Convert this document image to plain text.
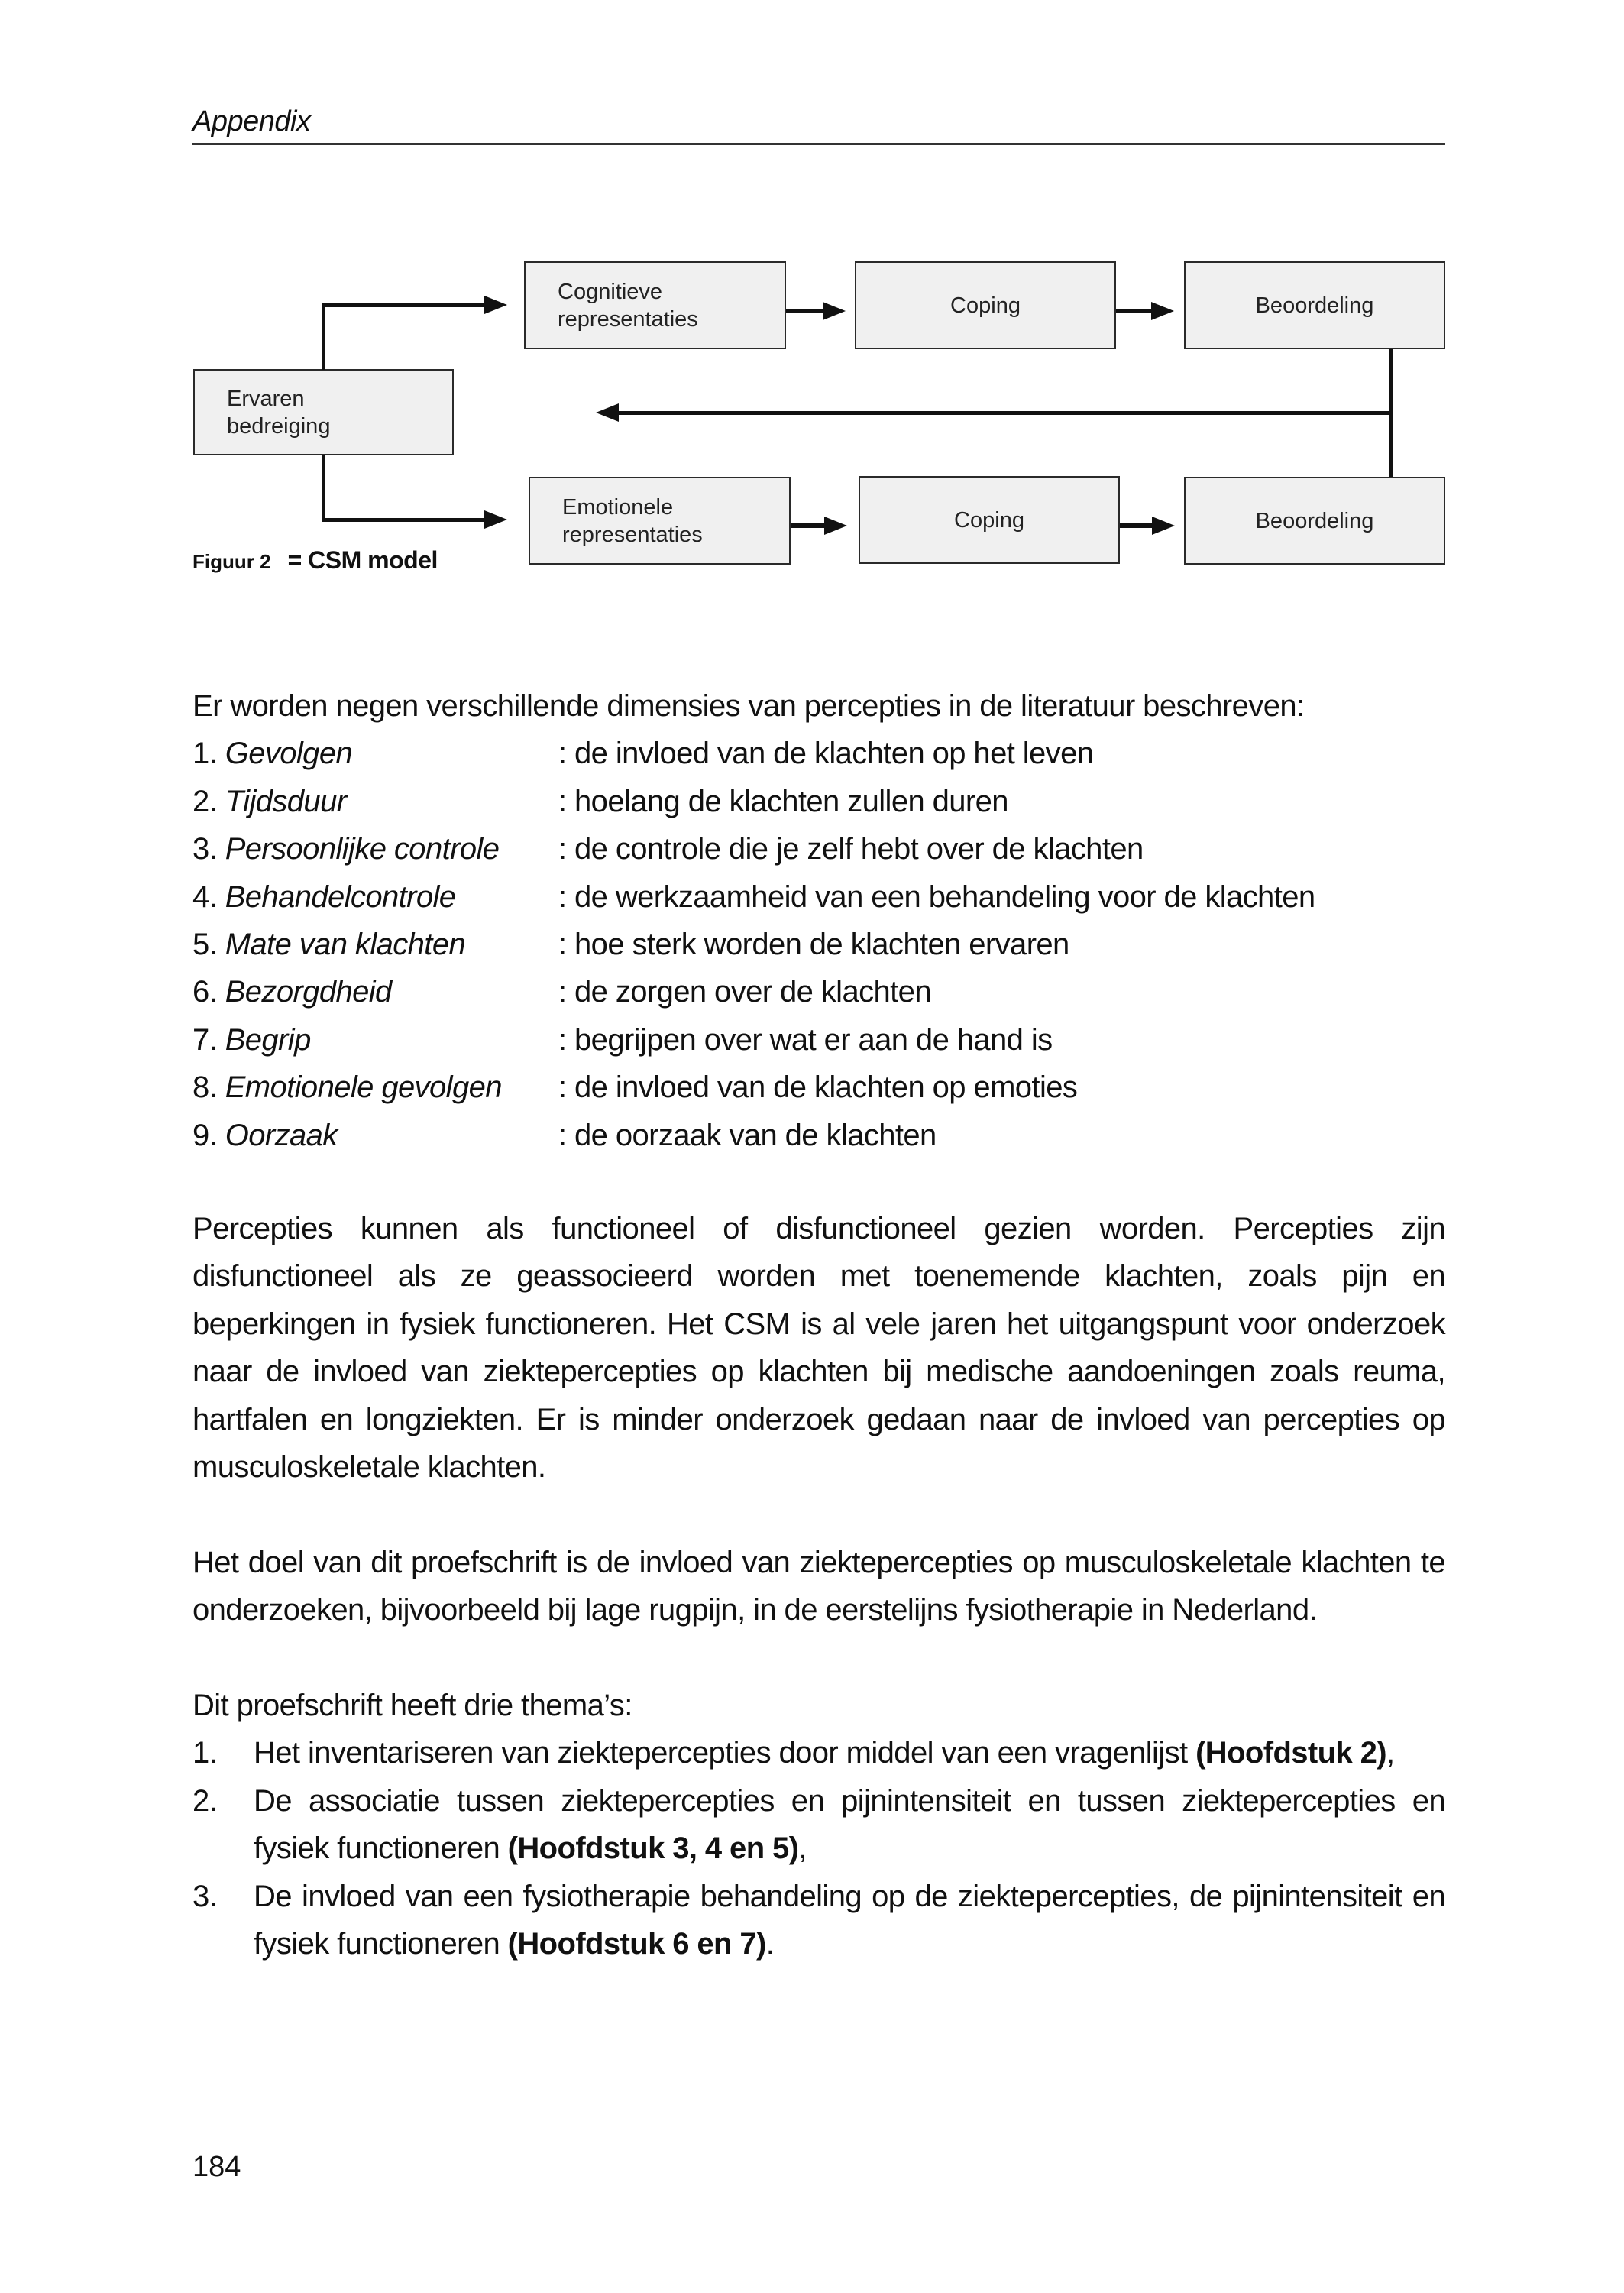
Appendix
Ervaren
bedreiging
Cognitieve
representaties
Coping	Beoordeling
Emotionele
representaties
Coping	Beoordeling
Figuur 2 = CSM model
Er worden negen verschillende dimensies van percepties in de literatuur beschreven:
1. Gevolgen	: de invloed van de klachten op het leven
2. Tijdsduur	: hoelang de klachten zullen duren
3. Persoonlijke controle	: de controle die je zelf hebt over de klachten
4. Behandelcontrole	: de werkzaamheid van een behandeling voor de klachten
5. Mate van klachten	: hoe sterk worden de klachten ervaren
6. Bezorgdheid	: de zorgen over de klachten
7. Begrip	: begrijpen over wat er aan de hand is
8. Emotionele gevolgen	: de invloed van de klachten op emoties
9. Oorzaak	: de oorzaak van de klachten
Percepties kunnen als functioneel of disfunctioneel gezien worden. Percepties zijn disfunctioneel als ze geassocieerd worden met toenemende klachten, zoals pijn en beperkingen in fysiek functioneren. Het CSM is al vele jaren het uitgangspunt voor onderzoek naar de invloed van ziektepercepties op klachten bij medische aandoeningen zoals reuma, hartfalen en longziekten. Er is minder onderzoek gedaan naar de invloed van percepties op musculoskeletale klachten.
Het doel van dit proefschrift is de invloed van ziektepercepties op musculoskeletale klachten te onderzoeken, bijvoorbeeld bij lage rugpijn, in de eerstelijns fysiotherapie in Nederland.
Dit proefschrift heeft drie thema’s:
1.	Het inventariseren van ziektepercepties door middel van een vragenlijst (Hoofdstuk 2),
2.	De associatie tussen ziektepercepties en pijnintensiteit en tussen ziektepercepties en fysiek functioneren (Hoofdstuk 3, 4 en 5),
3.	De invloed van een fysiotherapie behandeling op de ziektepercepties, de pijnintensiteit en fysiek functioneren (Hoofdstuk 6 en 7).
184
